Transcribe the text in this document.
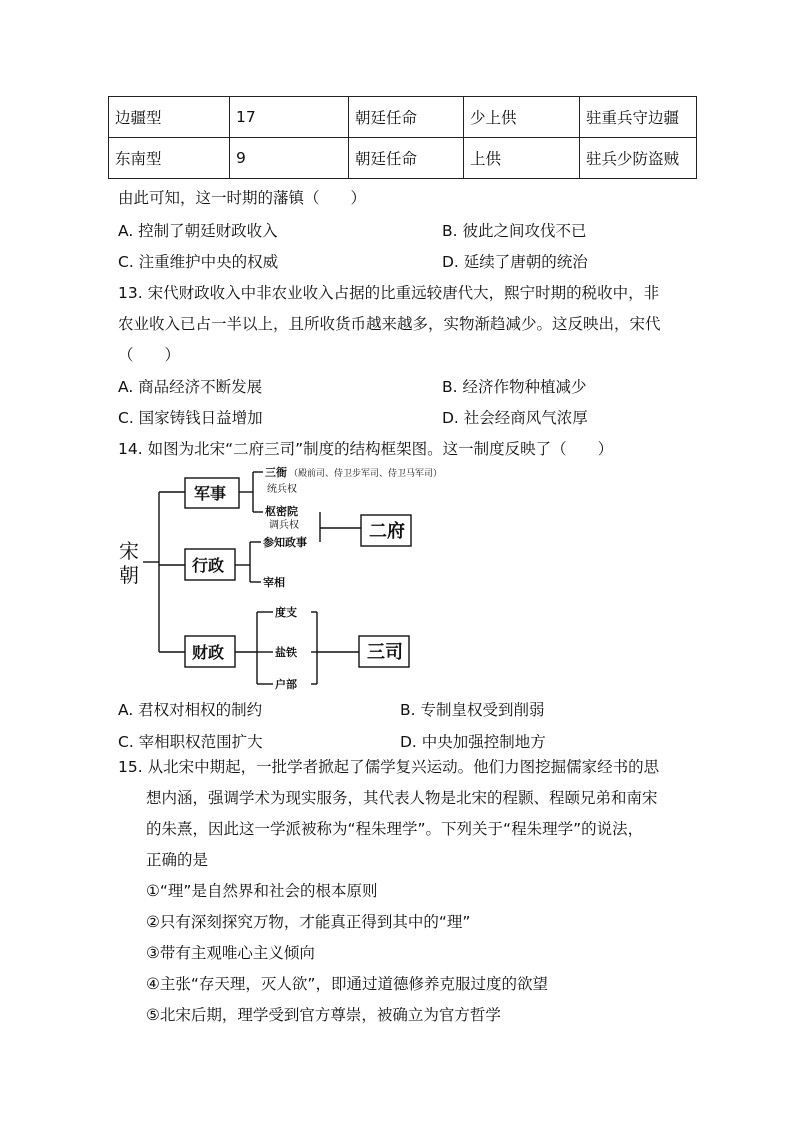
边疆型	17	朝廷任命	少上供	驻重兵守边疆
东南型	9	朝廷任命	上供	驻兵少防盗贼
由此可知，这一时期的藩镇（　　）
A. 控制了朝廷财政收入	B. 彼此之间攻伐不已
C. 注重维护中央的权威	D. 延续了唐朝的统治
13. 宋代财政收入中非农业收入占据的比重远较唐代大，熙宁时期的税收中，非
农业收入已占一半以上，且所收货币越来越多，实物渐趋减少。这反映出，宋代
（　　）
A. 商品经济不断发展	B. 经济作物种植减少
C. 国家铸钱日益增加	D. 社会经商风气浓厚
14. 如图为北宋“二府三司”制度的结构框架图。这一制度反映了（　　）
宋
朝
军事
行政
财政
三衙 （殿前司、侍卫步军司、侍卫马军司）
统兵权
枢密院
调兵权
参知政事
宰相
二府
度支
盐铁
户部
三司
A. 君权对相权的制约	B. 专制皇权受到削弱
C. 宰相职权范围扩大	D. 中央加强控制地方
15. 从北宋中期起，一批学者掀起了儒学复兴运动。他们力图挖掘儒家经书的思
想内涵，强调学术为现实服务，其代表人物是北宋的程颢、程颐兄弟和南宋
的朱熹，因此这一学派被称为“程朱理学”。下列关于“程朱理学”的说法，
正确的是
①“理”是自然界和社会的根本原则
②只有深刻探究万物，才能真正得到其中的“理”
③带有主观唯心主义倾向
④主张“存天理，灭人欲”，即通过道德修养克服过度的欲望
⑤北宋后期，理学受到官方尊崇，被确立为官方哲学
